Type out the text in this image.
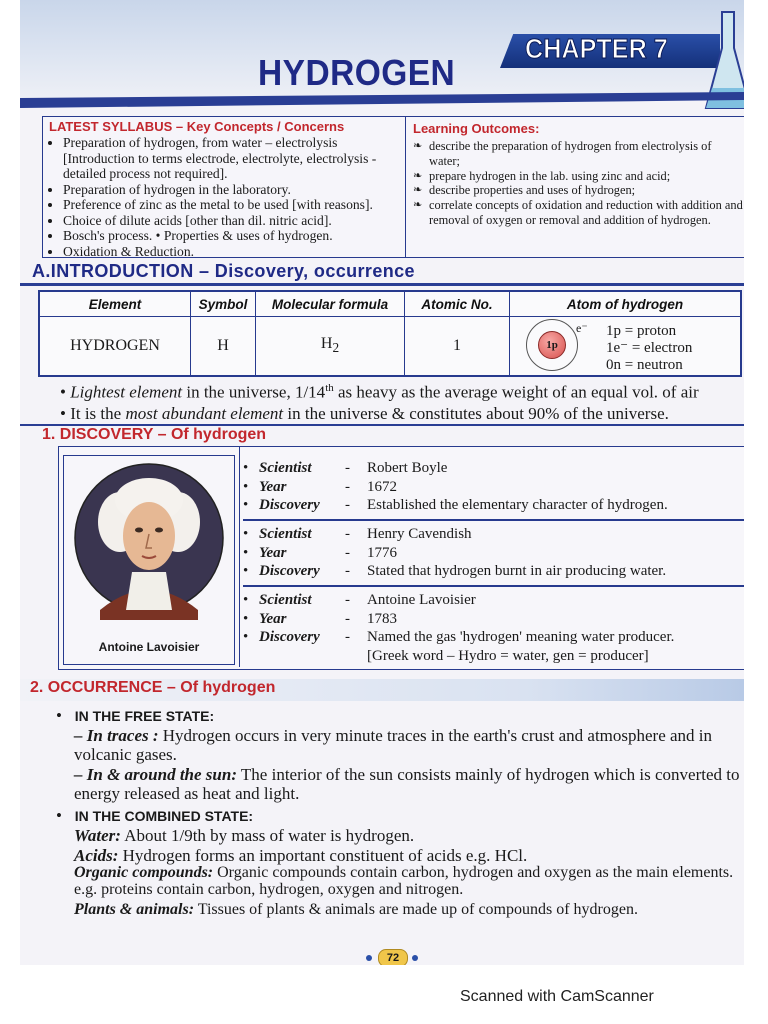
CHAPTER 7
HYDROGEN
LATEST SYLLABUS – Key Concepts / Concerns
• Preparation of hydrogen, from water – electrolysis [Introduction to terms electrode, electrolyte, electrolysis - detailed process not required].
• Preparation of hydrogen in the laboratory.
• Preference of zinc as the metal to be used [with reasons].
• Choice of dilute acids [other than dil. nitric acid].
• Bosch's process. • Properties & uses of hydrogen.
• Oxidation & Reduction.
Learning Outcomes:
❧ describe the preparation of hydrogen from electrolysis of water;
❧ prepare hydrogen in the lab. using zinc and acid;
❧ describe properties and uses of hydrogen;
❧ correlate concepts of oxidation and reduction with addition and removal of oxygen or removal and addition of hydrogen.
A.INTRODUCTION – Discovery, occurrence
Element	Symbol	Molecular formula	Atomic No.	Atom of hydrogen
HYDROGEN	H	$H_2$	1	1p
e⁻ 1p = proton
1e⁻ = electron
0n = neutron
• Lightest element in the universe, 1/14th as heavy as the average weight of an equal vol. of air
• It is the most abundant element in the universe & constitutes about 90% of the universe.
1. DISCOVERY – Of hydrogen
Antoine Lavoisier
• Scientist	-	Robert Boyle
• Year	-	1672
• Discovery	-	Established the elementary character of hydrogen.
• Scientist	-	Henry Cavendish
• Year	-	1776
• Discovery	-	Stated that hydrogen burnt in air producing water.
• Scientist	-	Antoine Lavoisier
• Year	-	1783
• Discovery	-	Named the gas 'hydrogen' meaning water producer.
[Greek word – Hydro = water, gen = producer]
2. OCCURRENCE – Of hydrogen
•   IN THE FREE STATE:
– In traces : Hydrogen occurs in very minute traces in the earth's crust and atmosphere and in volcanic gases.
– In & around the sun: The interior of the sun consists mainly of hydrogen which is converted to energy released as heat and light.
•   IN THE COMBINED STATE:
Water: About 1/9th by mass of water is hydrogen.
Acids: Hydrogen forms an important constituent of acids e.g. HCl.
Organic compounds: Organic compounds contain carbon, hydrogen and oxygen as the main elements. e.g. proteins contain carbon, hydrogen, oxygen and nitrogen.
Plants & animals: Tissues of plants & animals are made up of compounds of hydrogen.
72
Scanned with CamScanner
